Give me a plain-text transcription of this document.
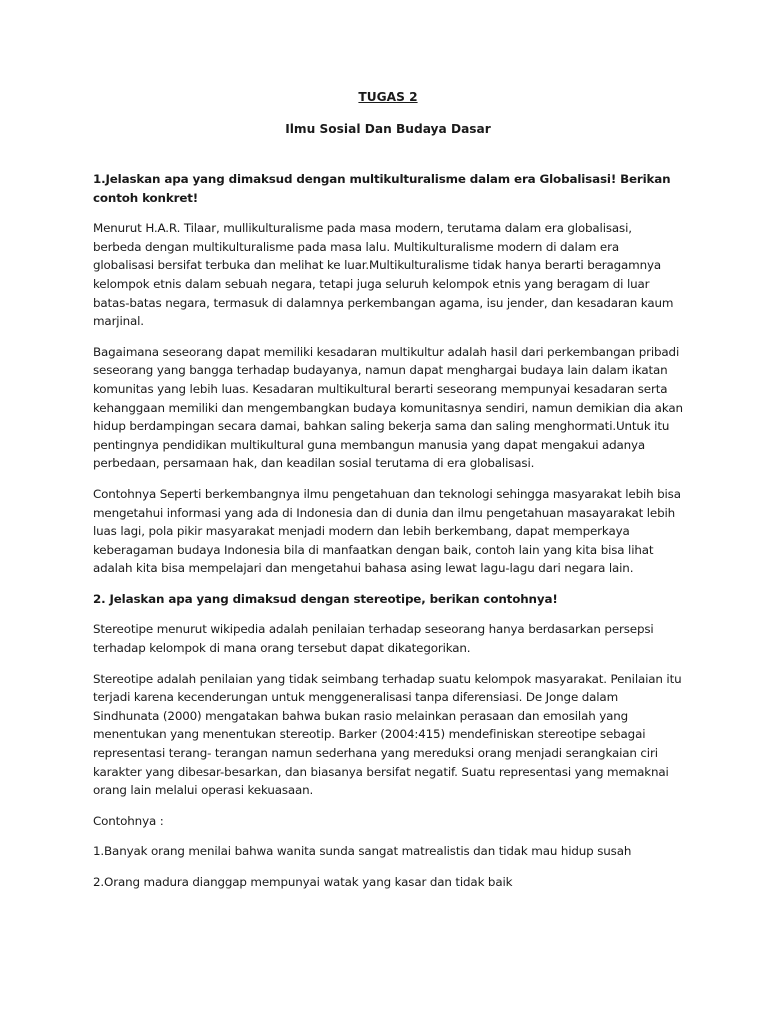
TUGAS 2
Ilmu Sosial Dan Budaya Dasar

1.Jelaskan apa yang dimaksud dengan multikulturalisme dalam era Globalisasi! Berikan contoh konkret!

Menurut H.A.R. Tilaar, mullikulturalisme pada masa modern, terutama dalam era globalisasi, berbeda dengan multikulturalisme pada masa lalu. Multikulturalisme modern di dalam era globalisasi bersifat terbuka dan melihat ke luar.Multikulturalisme tidak hanya berarti beragamnya kelompok etnis dalam sebuah negara, tetapi juga seluruh kelompok etnis yang beragam di luar batas-batas negara, termasuk di dalamnya perkembangan agama, isu jender, dan kesadaran kaum marjinal.

Bagaimana seseorang dapat memiliki kesadaran multikultur adalah hasil dari perkembangan pribadi seseorang yang bangga terhadap budayanya, namun dapat menghargai budaya lain dalam ikatan komunitas yang lebih luas. Kesadaran multikultural berarti seseorang mempunyai kesadaran serta kehanggaan memiliki dan mengembangkan budaya komunitasnya sendiri, namun demikian dia akan hidup berdampingan secara damai, bahkan saling bekerja sama dan saling menghormati.Untuk itu pentingnya pendidikan multikultural guna membangun manusia yang dapat mengakui adanya perbedaan, persamaan hak, dan keadilan sosial terutama di era globalisasi.

Contohnya Seperti berkembangnya ilmu pengetahuan dan teknologi sehingga masyarakat lebih bisa mengetahui informasi yang ada di Indonesia dan di dunia dan ilmu pengetahuan masayarakat lebih luas lagi, pola pikir masyarakat menjadi modern dan lebih berkembang, dapat memperkaya keberagaman budaya Indonesia bila di manfaatkan dengan baik, contoh lain yang kita bisa lihat adalah kita bisa mempelajari dan mengetahui bahasa asing lewat lagu-lagu dari negara lain.

2. Jelaskan apa yang dimaksud dengan stereotipe, berikan contohnya!

Stereotipe menurut wikipedia adalah penilaian terhadap seseorang hanya berdasarkan persepsi terhadap kelompok di mana orang tersebut dapat dikategorikan.

Stereotipe adalah penilaian yang tidak seimbang terhadap suatu kelompok masyarakat. Penilaian itu terjadi karena kecenderungan untuk menggeneralisasi tanpa diferensiasi. De Jonge dalam Sindhunata (2000) mengatakan bahwa bukan rasio melainkan perasaan dan emosilah yang menentukan yang menentukan stereotip. Barker (2004:415) mendefiniskan stereotipe sebagai representasi terang- terangan namun sederhana yang mereduksi orang menjadi serangkaian ciri karakter yang dibesar-besarkan, dan biasanya bersifat negatif. Suatu representasi yang memaknai orang lain melalui operasi kekuasaan.

Contohnya :

1.Banyak orang menilai bahwa wanita sunda sangat matrealistis dan tidak mau hidup susah

2.Orang madura dianggap mempunyai watak yang kasar dan tidak baik
